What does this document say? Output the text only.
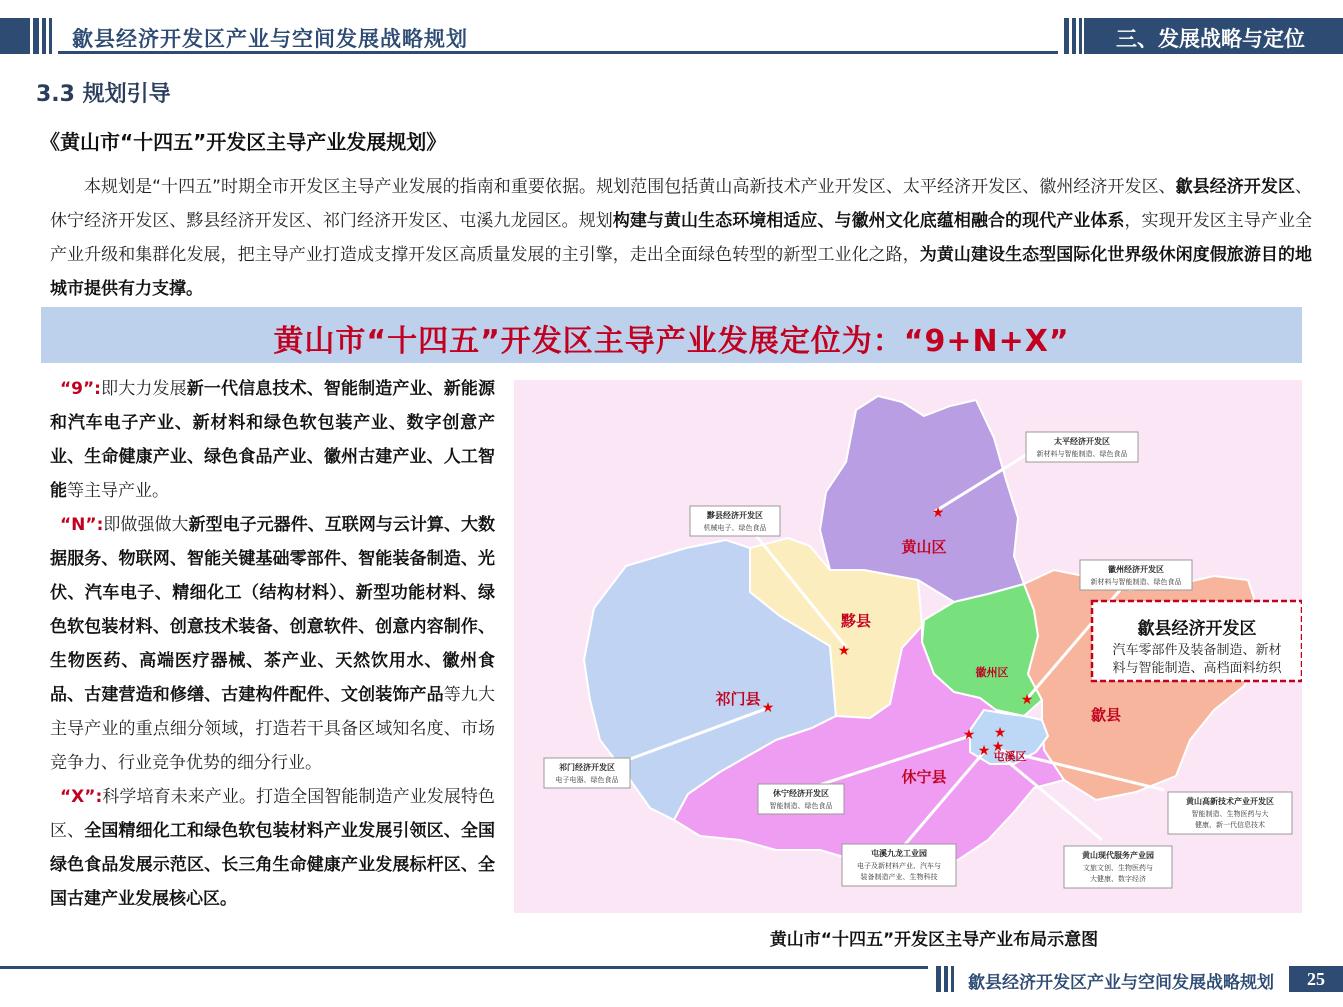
歙县经济开发区产业与空间发展战略规划	三、发展战略与定位
3.3 规划引导
《黄山市“十四五”开发区主导产业发展规划》
本规划是“十四五”时期全市开发区主导产业发展的指南和重要依据。规划范围包括黄山高新技术产业开发区、太平经济开发区、徽州经济开发区、歙县经济开发区、休宁经济开发区、黟县经济开发区、祁门经济开发区、屯溪九龙园区。规划构建与黄山生态环境相适应、与徽州文化底蕴相融合的现代产业体系，实现开发区主导产业全产业升级和集群化发展，把主导产业打造成支撑开发区高质量发展的主引擎，走出全面绿色转型的新型工业化之路，为黄山建设生态型国际化世界级休闲度假旅游目的地城市提供有力支撑。
黄山市“十四五”开发区主导产业发展定位为：“9+N+X”

“9”:即大力发展新一代信息技术、智能制造产业、新能源和汽车电子产业、新材料和绿色软包装产业、数字创意产业、生命健康产业、绿色食品产业、徽州古建产业、人工智能等主导产业。

“N”:即做强做大新型电子元器件、互联网与云计算、大数据服务、物联网、智能关键基础零部件、智能装备制造、光伏、汽车电子、精细化工（结构材料）、新型功能材料、绿色软包装材料、创意技术装备、创意软件、创意内容制作、生物医药、高端医疗器械、茶产业、天然饮用水、徽州食品、古建营造和修缮、古建构件配件、文创装饰产品等九大主导产业的重点细分领域，打造若干具备区域知名度、市场竞争力、行业竞争优势的细分行业。

“X”:科学培育未来产业。打造全国智能制造产业发展特色区、全国精细化工和绿色软包装材料产业发展引领区、全国绿色食品发展示范区、长三角生命健康产业发展标杆区、全国古建产业发展核心区。

太平经济开发区
新材料与智能制造、绿色食品
黟县经济开发区
机械电子、绿色食品
徽州经济开发区
新材料与智能制造、绿色食品
祁门经济开发区
电子电器、绿色食品
休宁经济开发区
智能制造、绿色食品
屯溪九龙工业园
电子及新材料产业、汽车与
装备制造产业、生物科技
黄山高新技术产业开发区
智能制造、生物医药与大
健康、新一代信息技术
黄山现代服务产业园
文旅文创、生物医药与
大健康、数字经济
歙县经济开发区
汽车零部件及装备制造、新材
料与智能制造、高档面料纺织
黄山区
黟县
祁门县
徽州区
歙县
休宁县
屯溪区
★
★
★	★
★ ★
★ ★
黄山市“十四五”开发区主导产业布局示意图
歙县经济开发区产业与空间发展战略规划	25
